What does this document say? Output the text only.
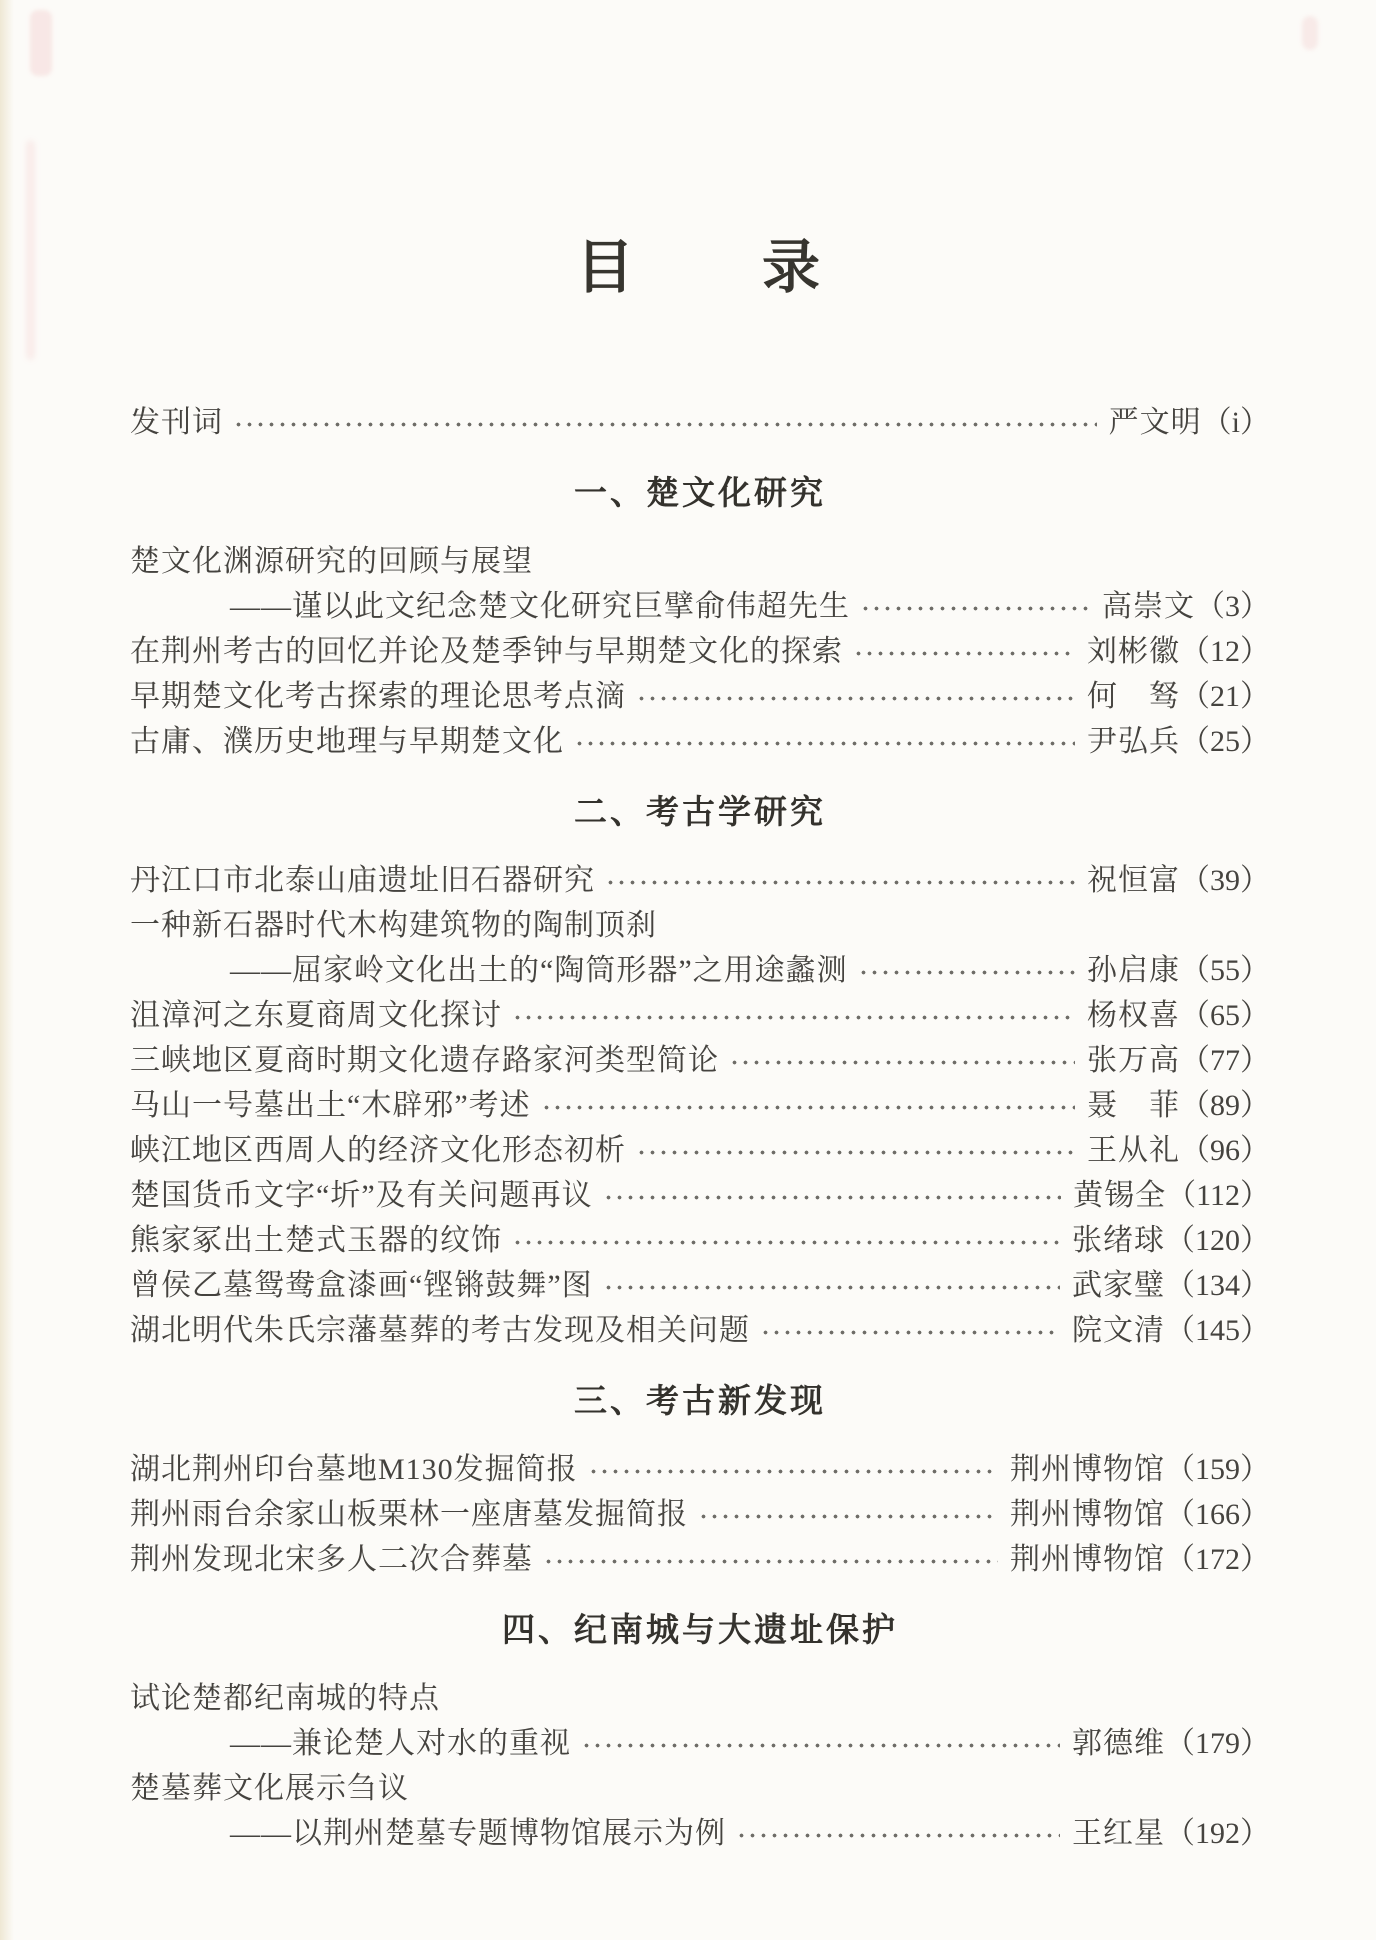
目　　录
发刊词	严文明 （i）
一、楚文化研究
楚文化渊源研究的回顾与展望
——谨以此文纪念楚文化研究巨擘俞伟超先生	高崇文 （3）
在荆州考古的回忆并论及楚季钟与早期楚文化的探索	刘彬徽 （12）
早期楚文化考古探索的理论思考点滴	何　驽 （21）
古庸、濮历史地理与早期楚文化	尹弘兵 （25）
二、考古学研究
丹江口市北泰山庙遗址旧石器研究	祝恒富 （39）
一种新石器时代木构建筑物的陶制顶刹
——屈家岭文化出土的“陶筒形器”之用途蠡测	孙启康 （55）
沮漳河之东夏商周文化探讨	杨权喜 （65）
三峡地区夏商时期文化遗存路家河类型简论	张万高 （77）
马山一号墓出土“木辟邪”考述	聂　菲 （89）
峡江地区西周人的经济文化形态初析	王从礼 （96）
楚国货币文字“圻”及有关问题再议	黄锡全 （112）
熊家冢出土楚式玉器的纹饰	张绪球 （120）
曾侯乙墓鸳鸯盒漆画“铿锵鼓舞”图	武家璧 （134）
湖北明代朱氏宗藩墓葬的考古发现及相关问题	院文清 （145）
三、考古新发现
湖北荆州印台墓地M130发掘简报	荆州博物馆 （159）
荆州雨台余家山板栗林一座唐墓发掘简报	荆州博物馆 （166）
荆州发现北宋多人二次合葬墓	荆州博物馆 （172）
四、纪南城与大遗址保护
试论楚都纪南城的特点
——兼论楚人对水的重视	郭德维 （179）
楚墓葬文化展示刍议
——以荆州楚墓专题博物馆展示为例	王红星 （192）
